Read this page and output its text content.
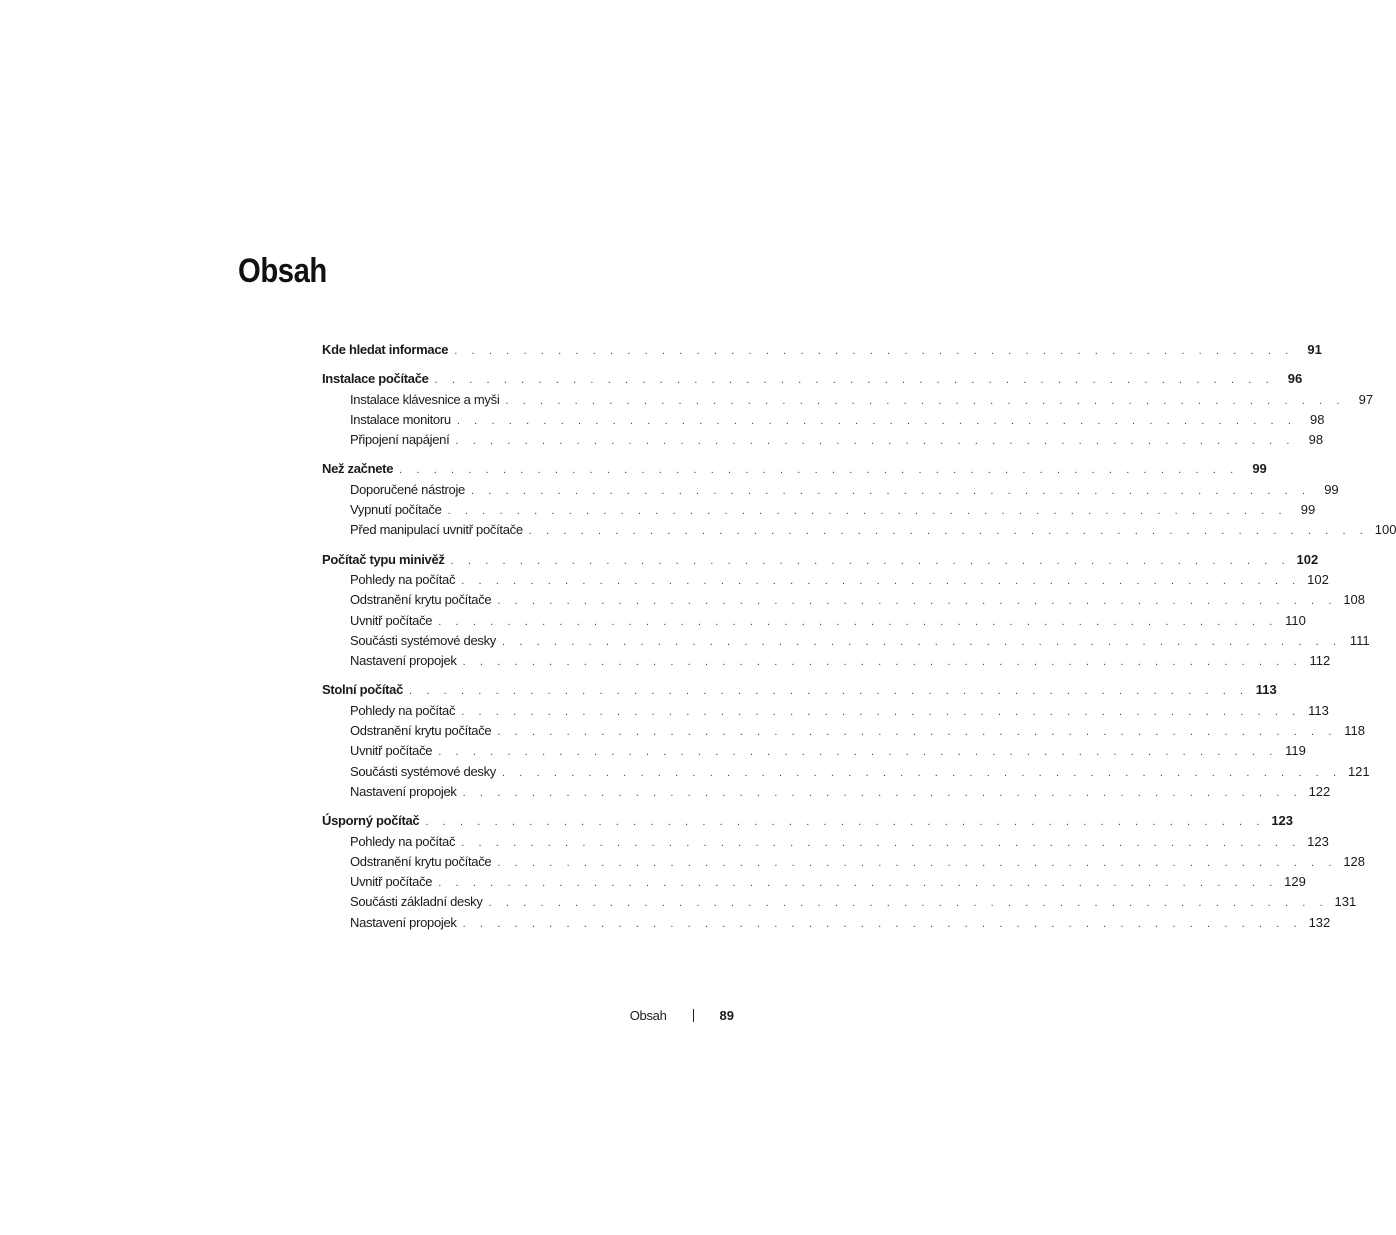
Obsah
Kde hledat informace . . . . . . . . . . . . . . . . . . . . . . . . . . . . . . . . . . . . . . . . . . . . . . . . .	91
Instalace počítače . . . . . . . . . . . . . . . . . . . . . . . . . . . . . . . . . . . . . . . . . . . . . . . . .	96
Instalace klávesnice a myši . . . . . . . . . . . . . . . . . . . . . . . . . . . . . . . . . . . . . . . . . . . . . . . . .	97
Instalace monitoru . . . . . . . . . . . . . . . . . . . . . . . . . . . . . . . . . . . . . . . . . . . . . . . . .	98
Připojení napájení . . . . . . . . . . . . . . . . . . . . . . . . . . . . . . . . . . . . . . . . . . . . . . . . .	98
Než začnete . . . . . . . . . . . . . . . . . . . . . . . . . . . . . . . . . . . . . . . . . . . . . . . . .	99
Doporučené nástroje . . . . . . . . . . . . . . . . . . . . . . . . . . . . . . . . . . . . . . . . . . . . . . . . .	99
Vypnutí počítače . . . . . . . . . . . . . . . . . . . . . . . . . . . . . . . . . . . . . . . . . . . . . . . . .	99
Před manipulací uvnitř počítače . . . . . . . . . . . . . . . . . . . . . . . . . . . . . . . . . . . . . . . . . . . . . . . . . 100
Počítač typu minivěž . . . . . . . . . . . . . . . . . . . . . . . . . . . . . . . . . . . . . . . . . . . . . . . . . 102
Pohledy na počítač . . . . . . . . . . . . . . . . . . . . . . . . . . . . . . . . . . . . . . . . . . . . . . . . . 102
Odstranění krytu počítače . . . . . . . . . . . . . . . . . . . . . . . . . . . . . . . . . . . . . . . . . . . . . . . . . 108
Uvnitř počítače . . . . . . . . . . . . . . . . . . . . . . . . . . . . . . . . . . . . . . . . . . . . . . . . . 110
Součásti systémové desky . . . . . . . . . . . . . . . . . . . . . . . . . . . . . . . . . . . . . . . . . . . . . . . . . 111
Nastavení propojek . . . . . . . . . . . . . . . . . . . . . . . . . . . . . . . . . . . . . . . . . . . . . . . . . 112
Stolní počítač . . . . . . . . . . . . . . . . . . . . . . . . . . . . . . . . . . . . . . . . . . . . . . . . . 113
Pohledy na počítač . . . . . . . . . . . . . . . . . . . . . . . . . . . . . . . . . . . . . . . . . . . . . . . . . 113
Odstranění krytu počítače . . . . . . . . . . . . . . . . . . . . . . . . . . . . . . . . . . . . . . . . . . . . . . . . . 118
Uvnitř počítače . . . . . . . . . . . . . . . . . . . . . . . . . . . . . . . . . . . . . . . . . . . . . . . . . 119
Součásti systémové desky . . . . . . . . . . . . . . . . . . . . . . . . . . . . . . . . . . . . . . . . . . . . . . . . . 121
Nastavení propojek . . . . . . . . . . . . . . . . . . . . . . . . . . . . . . . . . . . . . . . . . . . . . . . . . 122
Úsporný počítač . . . . . . . . . . . . . . . . . . . . . . . . . . . . . . . . . . . . . . . . . . . . . . . . . 123
Pohledy na počítač . . . . . . . . . . . . . . . . . . . . . . . . . . . . . . . . . . . . . . . . . . . . . . . . . 123
Odstranění krytu počítače . . . . . . . . . . . . . . . . . . . . . . . . . . . . . . . . . . . . . . . . . . . . . . . . . 128
Uvnitř počítače . . . . . . . . . . . . . . . . . . . . . . . . . . . . . . . . . . . . . . . . . . . . . . . . . 129
Součásti základní desky . . . . . . . . . . . . . . . . . . . . . . . . . . . . . . . . . . . . . . . . . . . . . . . . . 131
Nastavení propojek . . . . . . . . . . . . . . . . . . . . . . . . . . . . . . . . . . . . . . . . . . . . . . . . . 132
Obsah	89
